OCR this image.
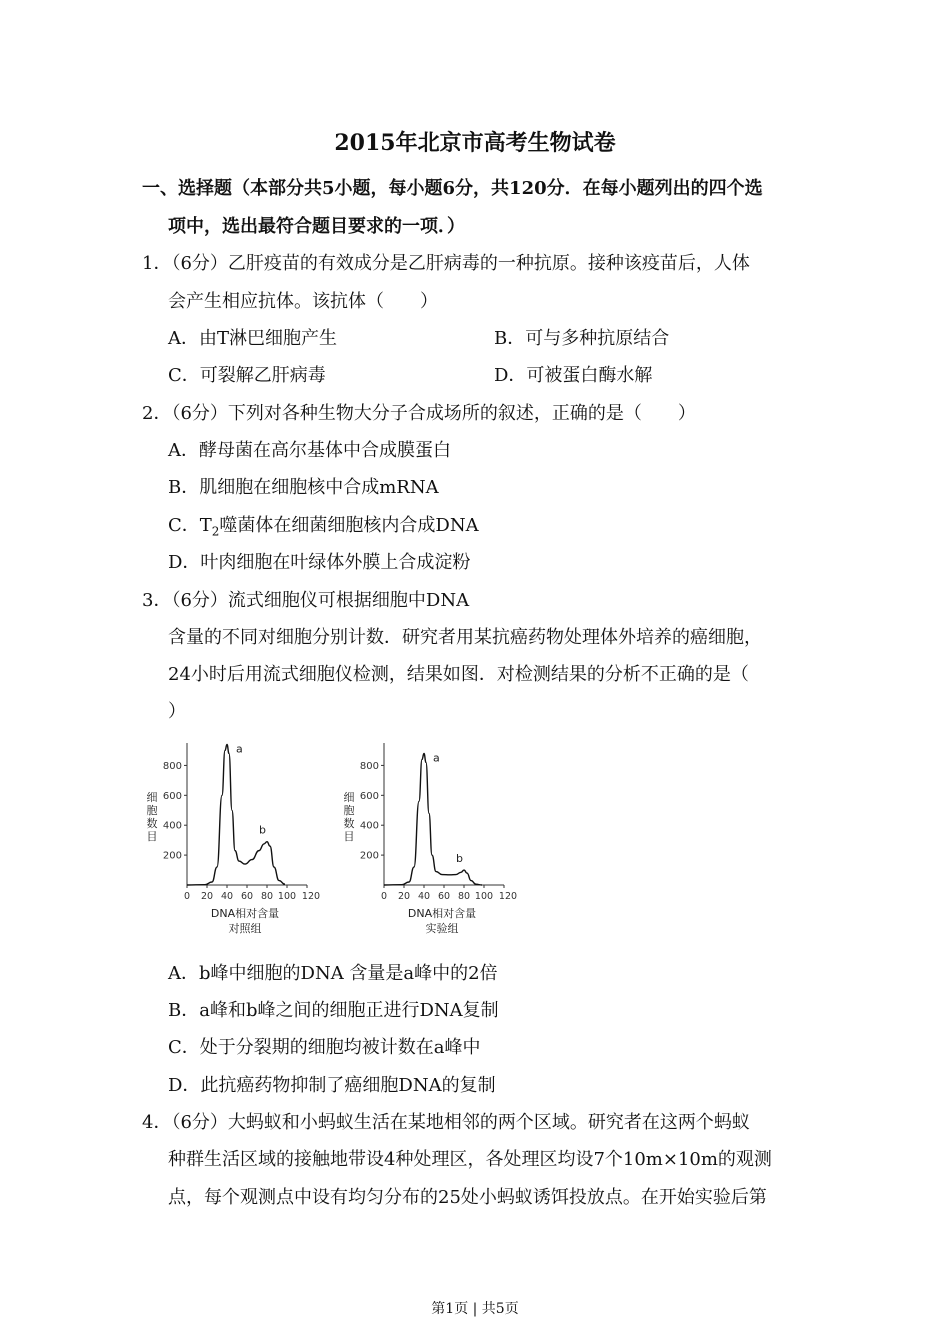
2015年北京市高考生物试卷
一、选择题（本部分共5小题，每小题6分，共120分．在每小题列出的四个选
项中，选出最符合题目要求的一项．）
1．（6分）乙肝疫苗的有效成分是乙肝病毒的一种抗原。接种该疫苗后，人体
会产生相应抗体。该抗体（　　）
A．由T淋巴细胞产生	B．可与多种抗原结合
C．可裂解乙肝病毒	D．可被蛋白酶水解
2．（6分）下列对各种生物大分子合成场所的叙述，正确的是（　　）
A．酵母菌在高尔基体中合成膜蛋白
B．肌细胞在细胞核中合成mRNA
C．$T_2$噬菌体在细菌细胞核内合成DNA
D．叶肉细胞在叶绿体外膜上合成淀粉
3．（6分）流式细胞仪可根据细胞中DNA
含量的不同对细胞分别计数．研究者用某抗癌药物处理体外培养的癌细胞，
24小时后用流式细胞仪检测，结果如图．对检测结果的分析不正确的是（
）
200
400
600
800
0 20 40 60 80 100 120
细
胞
数
目
DNA相对含量
对照组
a
b
200
400
600
800
0 20 40 60 80 100 120
细
胞
数
目
DNA相对含量
实验组
a
b
A．b峰中细胞的DNA 含量是a峰中的2倍
B．a峰和b峰之间的细胞正进行DNA复制
C．处于分裂期的细胞均被计数在a峰中
D．此抗癌药物抑制了癌细胞DNA的复制
4．（6分）大蚂蚁和小蚂蚁生活在某地相邻的两个区域。研究者在这两个蚂蚁
种群生活区域的接触地带设4种处理区，各处理区均设7个10m×10m的观测
点，每个观测点中设有均匀分布的25处小蚂蚁诱饵投放点。在开始实验后第
第1页 | 共5页
